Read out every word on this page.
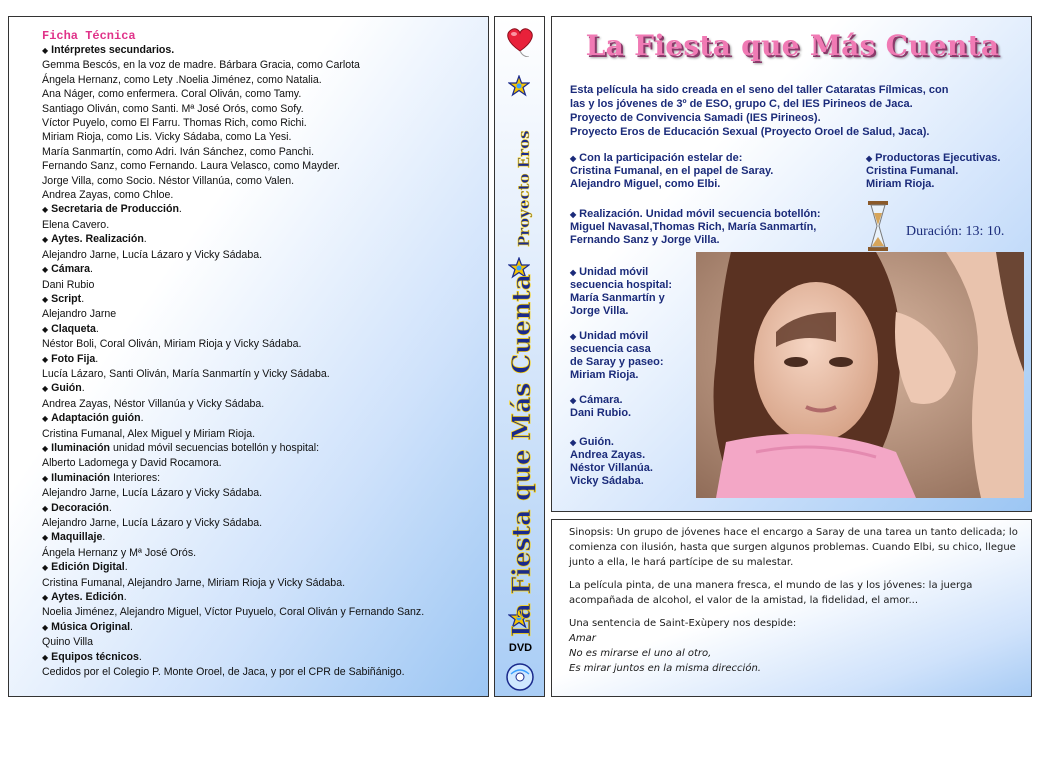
Ficha Técnica
◆ Intérpretes secundarios.
Gemma Bescós, en la voz de madre. Bárbara Gracia, como Carlota
Ángela Hernanz, como Lety .Noelia Jiménez, como Natalia.
Ana Náger, como enfermera. Coral Oliván, como Tamy.
Santiago Oliván, como Santi. Mª José Orós, como Sofy.
Víctor Puyelo, como El Farru. Thomas Rich, como Richi.
Miriam Rioja, como Lis. Vicky Sádaba, como La Yesi.
María Sanmartín, como Adri. Iván Sánchez, como Panchi.
Fernando Sanz, como Fernando. Laura Velasco, como Mayder.
Jorge Villa, como Socio. Néstor Villanúa, como Valen.
Andrea Zayas, como Chloe.
◆ Secretaria de Producción.
Elena Cavero.
◆ Aytes. Realización.
Alejandro Jarne, Lucía Lázaro y Vicky Sádaba.
◆ Cámara.
Dani Rubio
◆ Script.
Alejandro Jarne
◆ Claqueta.
Néstor Boli, Coral Oliván, Miriam Rioja y Vicky Sádaba.
◆ Foto Fija.
Lucía Lázaro, Santi Oliván, María Sanmartín y Vicky Sádaba.
◆ Guión.
Andrea Zayas, Néstor Villanúa y Vicky Sádaba.
◆ Adaptación guión.
Cristina Fumanal, Alex Miguel y Miriam Rioja.
◆ Iluminación unidad móvil secuencias botellón y hospital:
Alberto Ladomega y David Rocamora.
◆ Iluminación Interiores:
Alejandro Jarne, Lucía Lázaro y Vicky Sádaba.
◆ Decoración.
Alejandro Jarne, Lucía Lázaro y Vicky Sádaba.
◆ Maquillaje.
Ángela Hernanz y Mª José Orós.
◆ Edición Digital.
Cristina Fumanal, Alejandro Jarne, Miriam Rioja y Vicky Sádaba.
◆ Aytes. Edición.
Noelia Jiménez, Alejandro Miguel, Víctor Puyuelo, Coral Oliván y Fernando Sanz.
◆ Música Original.
Quino Villa
◆ Equipos técnicos.
Cedidos por el Colegio P. Monte Oroel, de Jaca, y por el CPR de Sabiñánigo.
La Fiesta que Más Cuenta
Proyecto Eros
DVD
La Fiesta que Más Cuenta
Esta película ha sido creada en el seno del taller Cataratas Fílmicas, con
las y los jóvenes de 3º de ESO, grupo C, del IES Pirineos de Jaca.
Proyecto de Convivencia Samadi (IES Pirineos).
Proyecto Eros de Educación Sexual (Proyecto Oroel de Salud, Jaca).
◆ Con la participación estelar de:
Cristina Fumanal, en el papel de Saray.
Alejandro Miguel, como Elbi.
◆ Productoras Ejecutivas.
Cristina Fumanal.
Miriam Rioja.
◆ Realización. Unidad móvil secuencia botellón:
Miguel Navasal,Thomas Rich, María Sanmartín,
Fernando Sanz y Jorge Villa.
Duración: 13: 10.
◆ Unidad móvil
secuencia hospital:
María Sanmartín y
Jorge Villa.
◆ Unidad móvil
secuencia casa
de Saray y paseo:
Miriam Rioja.
◆ Cámara.
Dani Rubio.
◆ Guión.
Andrea Zayas.
Néstor Villanúa.
Vicky Sádaba.

Sinopsis: Un grupo de jóvenes hace el encargo a Saray de una tarea un tanto delicada; lo comienza con ilusión, hasta que surgen algunos problemas. Cuando Elbi, su chico, llegue junto a ella, le hará partícipe de su malestar.

La película pinta, de una manera fresca, el mundo de las y los jóvenes: la juerga acompañada de alcohol, el valor de la amistad, la fidelidad, el amor...

Una sentencia de Saint-Exùpery nos despide:

Amar
No es mirarse el uno al otro,
Es mirar juntos en la misma dirección.
